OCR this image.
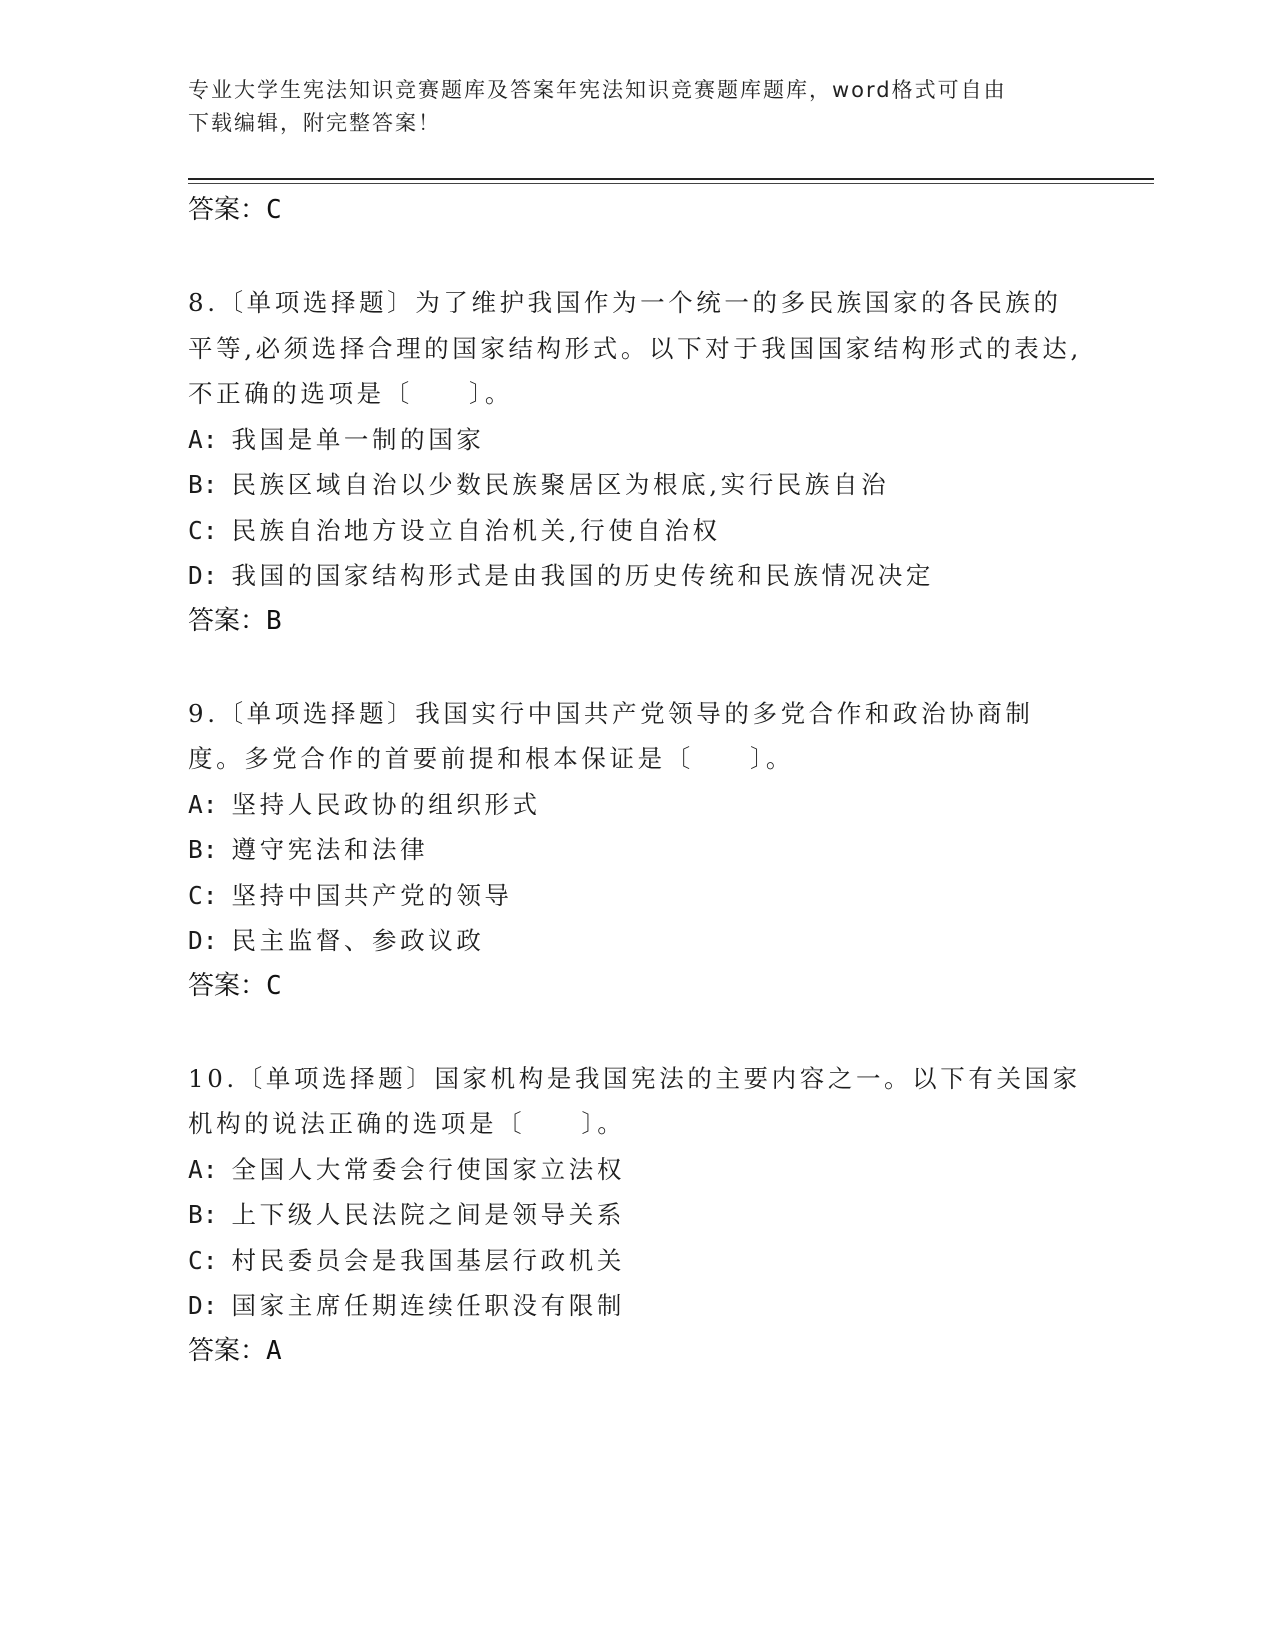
专业大学生宪法知识竞赛题库及答案年宪法知识竞赛题库题库，word格式可自由
下载编辑，附完整答案！
答案：C
8.〔单项选择题〕为了维护我国作为一个统一的多民族国家的各民族的平等,必须选择合理的国家结构形式。以下对于我国国家结构形式的表达,不正确的选项是〔　　〕。
A: 我国是单一制的国家
B: 民族区域自治以少数民族聚居区为根底,实行民族自治
C: 民族自治地方设立自治机关,行使自治权
D: 我国的国家结构形式是由我国的历史传统和民族情况决定
答案：B
9.〔单项选择题〕我国实行中国共产党领导的多党合作和政治协商制度。多党合作的首要前提和根本保证是〔　　〕。
A: 坚持人民政协的组织形式
B: 遵守宪法和法律
C: 坚持中国共产党的领导
D: 民主监督、参政议政
答案：C
10.〔单项选择题〕国家机构是我国宪法的主要内容之一。以下有关国家机构的说法正确的选项是〔　　〕。
A: 全国人大常委会行使国家立法权
B: 上下级人民法院之间是领导关系
C: 村民委员会是我国基层行政机关
D: 国家主席任期连续任职没有限制
答案：A
